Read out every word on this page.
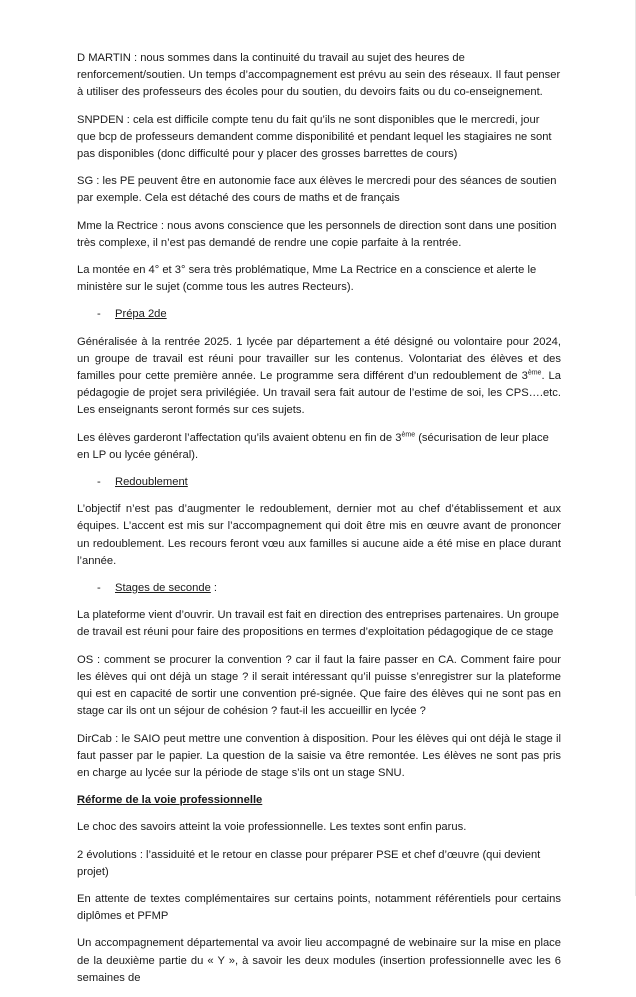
D MARTIN : nous sommes dans la continuité du travail au sujet des heures de renforcement/soutien. Un temps d’accompagnement est prévu au sein des réseaux. Il faut penser à utiliser des professeurs des écoles pour du soutien, du devoirs faits ou du co-enseignement.

SNPDEN : cela est difficile compte tenu du fait qu’ils ne sont disponibles que le mercredi, jour que bcp de professeurs demandent comme disponibilité et pendant lequel les stagiaires ne sont pas disponibles (donc difficulté pour y placer des grosses barrettes de cours)

SG : les PE peuvent être en autonomie face aux élèves le mercredi pour des séances de soutien par exemple. Cela est détaché des cours de maths et de français

Mme la Rectrice : nous avons conscience que les personnels de direction sont dans une position très complexe, il n’est pas demandé de rendre une copie parfaite à la rentrée.

La montée en 4° et 3° sera très problématique, Mme La Rectrice en a conscience et alerte le ministère sur le sujet (comme tous les autres Recteurs).

-	Prépa 2de

Généralisée à la rentrée 2025. 1 lycée par département a été désigné ou volontaire pour 2024, un groupe de travail est réuni pour travailler sur les contenus. Volontariat des élèves et des familles pour cette première année. Le programme sera différent d’un redoublement de 3ème. La pédagogie de projet sera privilégiée. Un travail sera fait autour de l’estime de soi, les CPS….etc. Les enseignants seront formés sur ces sujets.

Les élèves garderont l’affectation qu’ils avaient obtenu en fin de 3ème (sécurisation de leur place en LP ou lycée général).

-	Redoublement

L’objectif n’est pas d’augmenter le redoublement, dernier mot au chef d’établissement et aux équipes. L’accent est mis sur l’accompagnement qui doit être mis en œuvre avant de prononcer un redoublement. Les recours feront vœu aux familles si aucune aide a été mise en place durant l’année.

-	Stages de seconde :

La plateforme vient d’ouvrir. Un travail est fait en direction des entreprises partenaires. Un groupe de travail est réuni pour faire des propositions en termes d’exploitation pédagogique de ce stage

OS : comment se procurer la convention ? car il faut la faire passer en CA. Comment faire pour les élèves qui ont déjà un stage ? il serait intéressant qu’il puisse s’enregistrer sur la plateforme qui est en capacité de sortir une convention pré-signée. Que faire des élèves qui ne sont pas en stage car ils ont un séjour de cohésion ? faut-il les accueillir en lycée ?

DirCab : le SAIO peut mettre une convention à disposition. Pour les élèves qui ont déjà le stage il faut passer par le papier. La question de la saisie va être remontée. Les élèves ne sont pas pris en charge au lycée sur la période de stage s’ils ont un stage SNU.

Réforme de la voie professionnelle

Le choc des savoirs atteint la voie professionnelle. Les textes sont enfin parus.

2 évolutions : l’assiduité et le retour en classe pour préparer PSE et chef d’œuvre (qui devient projet)

En attente de textes complémentaires sur certains points, notamment référentiels pour certains diplômes et PFMP

Un accompagnement départemental va avoir lieu accompagné de webinaire sur la mise en place de la deuxième partie du « Y », à savoir les deux modules (insertion professionnelle avec les 6 semaines de
